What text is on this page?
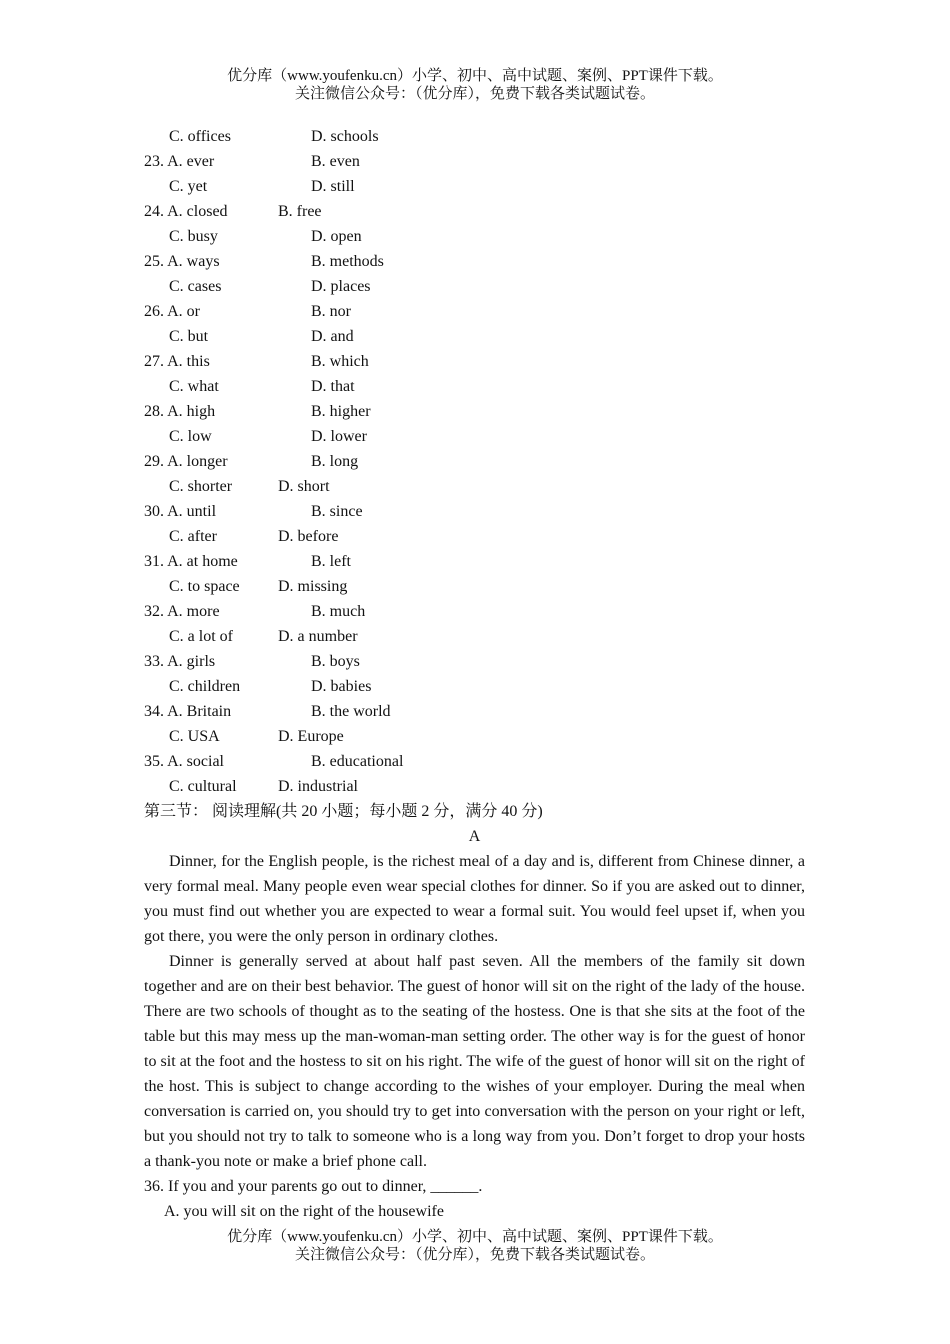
优分库（www.youfenku.cn）小学、初中、高中试题、案例、PPT课件下载。
关注微信公众号：（优分库），免费下载各类试题试卷。
C. offices	D. schools
23. A. ever	B. even
C. yet	D. still
24. A. closed	B. free
C. busy	D. open
25. A. ways	B. methods
C. cases	D. places
26. A. or	B. nor
C. but	D. and
27. A. this	B. which
C. what	D. that
28. A. high	B. higher
C. low	D. lower
29. A. longer	B. long
C. shorter	D. short
30. A. until	B. since
C. after	D. before
31. A. at home	B. left
C. to space D. missing
32. A. more	B. much
C. a lot of	D. a number
33. A. girls	B. boys
C. children	D. babies
34. A. Britain	B. the world
C. USA	D. Europe
35. A. social	B. educational
C. cultural	D. industrial
第三节： 阅读理解(共 20 小题；每小题 2 分，满分 40 分)
A

Dinner, for the English people, is the richest meal of a day and is, different from Chinese dinner, a very formal meal. Many people even wear special clothes for dinner. So if you are asked out to dinner, you must find out whether you are expected to wear a formal suit. You would feel upset if, when you got there, you were the only person in ordinary clothes.

Dinner is generally served at about half past seven. All the members of the family sit down together and are on their best behavior. The guest of honor will sit on the right of the lady of the house. There are two schools of thought as to the seating of the hostess. One is that she sits at the foot of the table but this may mess up the man-woman-man setting order. The other way is for the guest of honor to sit at the foot and the hostess to sit on his right. The wife of the guest of honor will sit on the right of the host. This is subject to change according to the wishes of your employer. During the meal when conversation is carried on, you should try to get into conversation with the person on your right or left, but you should not try to talk to someone who is a long way from you. Don’t forget to drop your hosts a thank-you note or make a brief phone call.

36. If you and your parents go out to dinner, ______.
A. you will sit on the right of the housewife
优分库（www.youfenku.cn）小学、初中、高中试题、案例、PPT课件下载。
关注微信公众号：（优分库），免费下载各类试题试卷。
